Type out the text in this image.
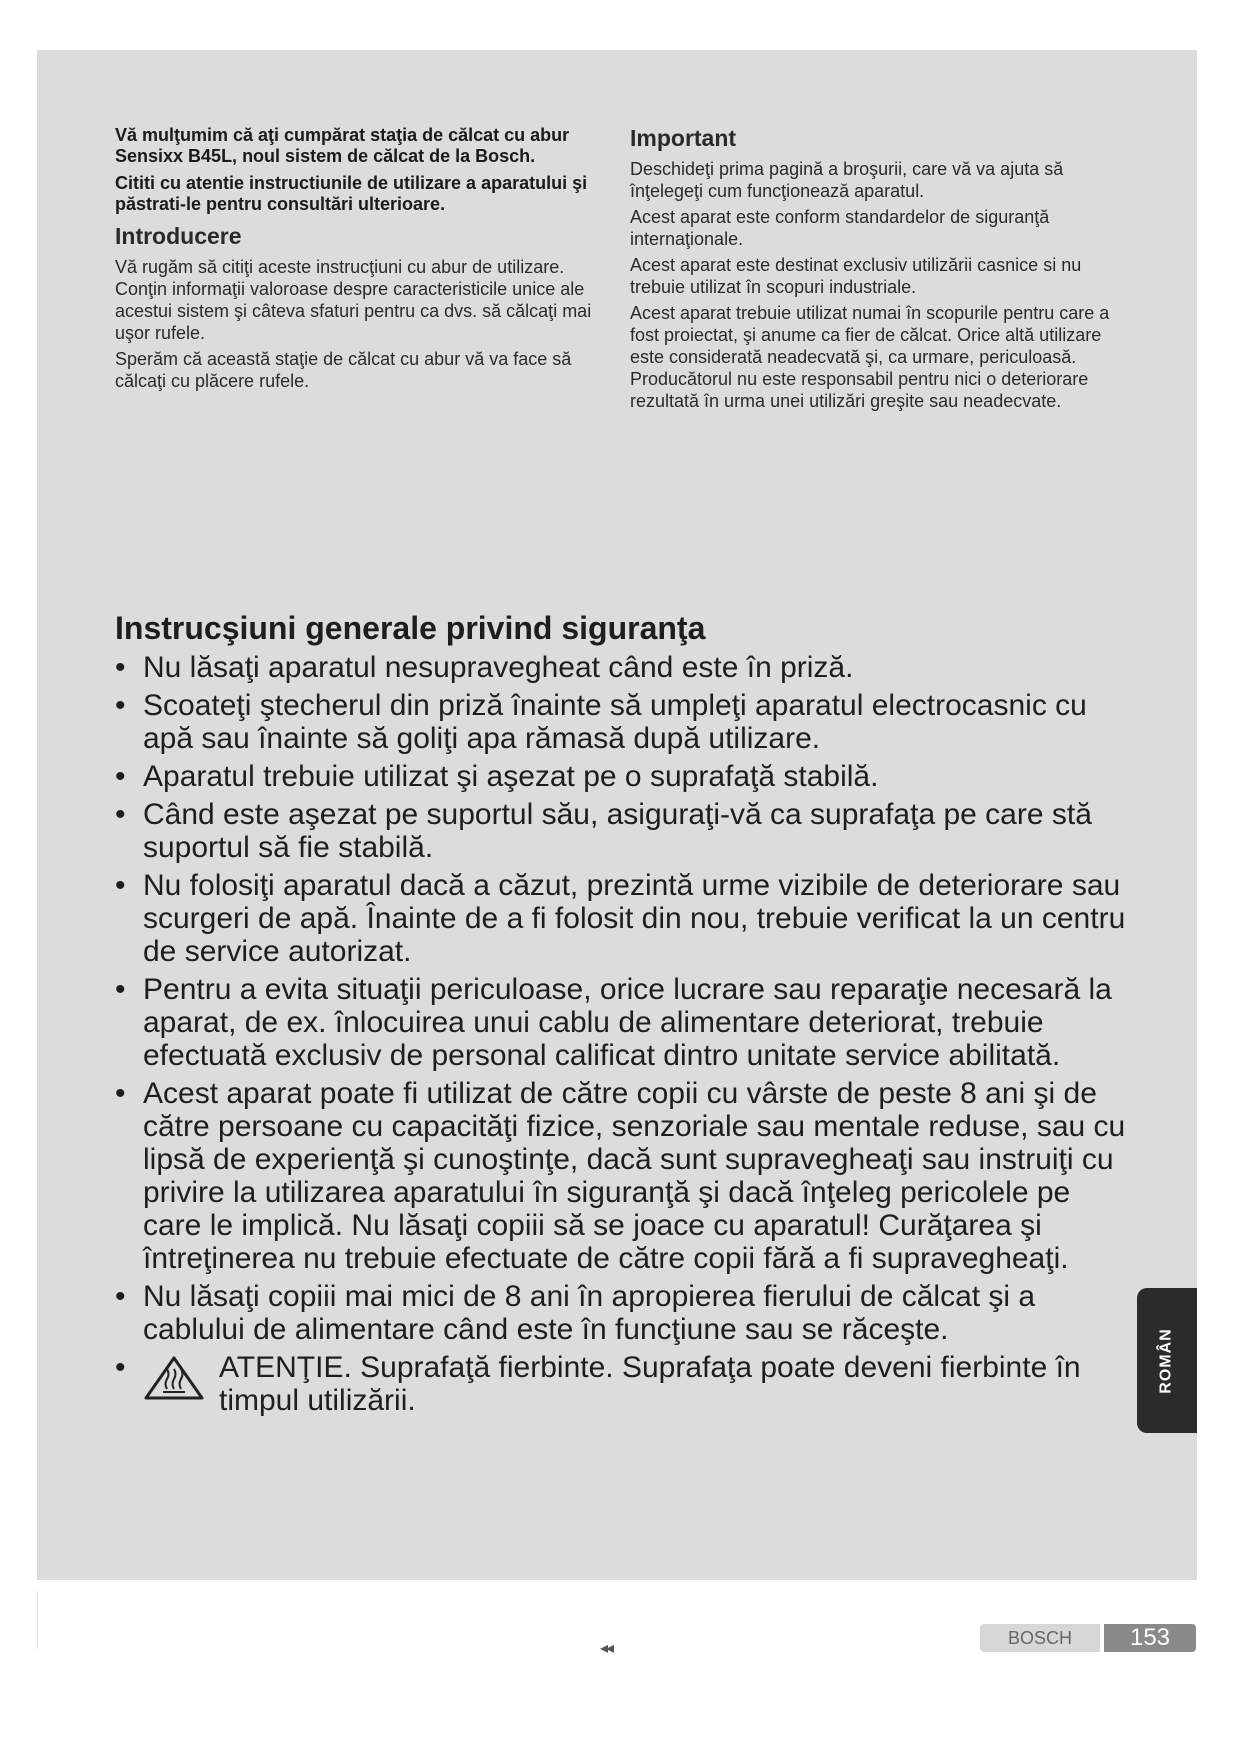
Vă mulţumim că aţi cumpărat staţia de călcat cu abur Sensixx B45L, noul sistem de călcat de la Bosch.

Cititi cu atentie instructiunile de utilizare a aparatului şi păstrati-le pentru consultări ulterioare.

Introducere

Vă rugăm să citiţi aceste instrucţiuni cu abur de utilizare. Conţin informaţii valoroase despre caracteristicile unice ale acestui sistem şi câteva sfaturi pentru ca dvs. să călcaţi mai uşor rufele.

Sperăm că această staţie de călcat cu abur vă va face să călcaţi cu plăcere rufele.

Important

Deschideţi prima pagină a broşurii, care vă va ajuta să înţelegeţi cum funcţionează aparatul.

Acest aparat este conform standardelor de siguranţă internaţionale.

Acest aparat este destinat exclusiv utilizării casnice si nu trebuie utilizat în scopuri industriale.

Acest aparat trebuie utilizat numai în scopurile pentru care a fost proiectat, şi anume ca fier de călcat. Orice altă utilizare este considerată neadecvată şi, ca urmare, periculoasă. Producătorul nu este responsabil pentru nici o deteriorare rezultată în urma unei utilizări greşite sau neadecvate.

Instrucşiuni generale privind siguranţa
• Nu lăsaţi aparatul nesupravegheat când este în priză.
• Scoateţi ştecherul din priză înainte să umpleţi aparatul electrocasnic cu apă sau înainte să goliţi apa rămasă după utilizare.
• Aparatul trebuie utilizat şi aşezat pe o suprafaţă stabilă.
• Când este aşezat pe suportul său, asiguraţi-vă ca suprafaţa pe care stă suportul să fie stabilă.
• Nu folosiţi aparatul dacă a căzut, prezintă urme vizibile de deteriorare sau scurgeri de apă. Înainte de a fi folosit din nou, trebuie verificat la un centru de service autorizat.
• Pentru a evita situaţii periculoase, orice lucrare sau reparaţie necesară la aparat, de ex. înlocuirea unui cablu de alimentare deteriorat, trebuie efectuată exclusiv de personal calificat dintro unitate service abilitată.
• Acest aparat poate fi utilizat de către copii cu vârste de peste 8 ani şi de către persoane cu capacităţi fizice, senzoriale sau mentale reduse, sau cu lipsă de experienţă şi cunoştinţe, dacă sunt supravegheaţi sau instruiţi cu privire la utilizarea aparatului în siguranţă şi dacă înţeleg pericolele pe care le implică. Nu lăsaţi copiii să se joace cu aparatul! Curăţarea şi întreţinerea nu trebuie efectuate de către copii fără a fi supravegheaţi.
• Nu lăsaţi copiii mai mici de 8 ani în apropierea fierului de călcat şi a cablului de alimentare când este în funcţiune sau se răceşte.
• ATENŢIE. Suprafaţă fierbinte. Suprafaţa poate deveni fierbinte în timpul utilizării.
ROMÂN
◂◂
BOSCH	153
